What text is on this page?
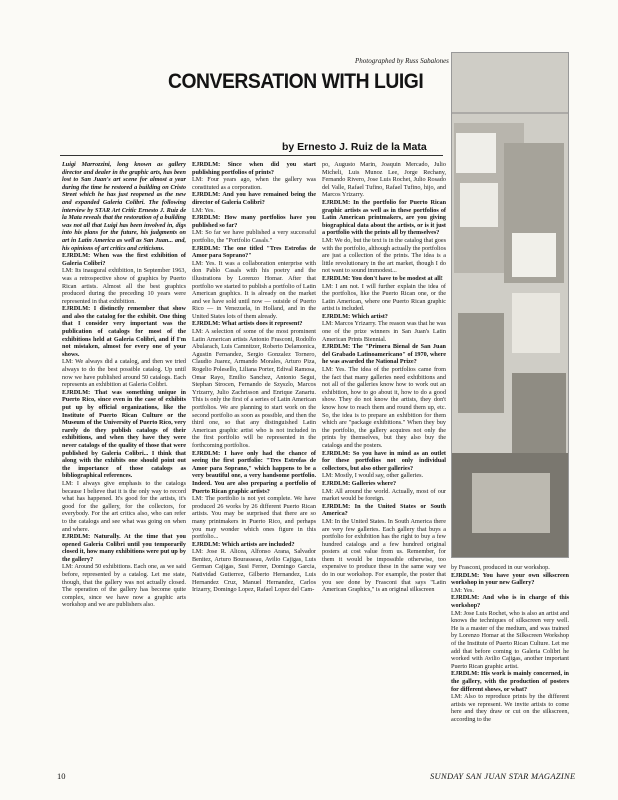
Photographed by Russ Sabalones
CONVERSATION WITH LUIGI
by Ernesto J. Ruiz de la Mata

Luigi Marrozzini, long known as gallery director and dealer in the graphic arts, has been lost to San Juan's art scene for almost a year during the time he restored a building on Cristo Street which he has just reopened as the new and expanded Galeria Colibri. The following interview by STAR Art Critic Ernesto J. Ruiz de la Mata reveals that the restoration of a building was not all that Luigi has been involved in, digs into his plans for the future, his judgments on art in Latin America as well as San Juan... and, his opinions of art critics and criticisms.

EJRDLM: When was the first exhibition of Galeria Colibri?

LM: Its inaugural exhibition, in September 1963, was a retrospective show of graphics by Puerto Rican artists. Almost all the best graphics produced during the preceding 10 years were represented in that exhibition.

EJRDLM: I distinctly remember that show and also the catalog for the exhibit. One thing that I consider very important was the publication of catalogs for most of the exhibitions held at Galeria Colibri, and if I'm not mistaken, almost for every one of your shows.

LM: We always did a catalog, and then we tried always to do the best possible catalog. Up until now we have published around 50 catalogs. Each represents an exhibition at Galeria Colibri.

EJRDLM: That was something unique in Puerto Rico, since even in the case of exhibits put up by official organizations, like the Institute of Puerto Rican Culture or the Museum of the University of Puerto Rico, very rarely do they publish catalogs of their exhibitions, and when they have they were never catalogs of the quality of those that were published by Galeria Colibri... I think that along with the exhibits one should point out the importance of those catalogs as bibliographical references.

LM: I always give emphasis to the catalogs because I believe that it is the only way to record what has happened. It's good for the artists, it's good for the gallery, for the collectors, for everybody. For the art critics also, who can refer to the catalogs and see what was going on when and where.

EJRDLM: Naturally. At the time that you opened Galeria Colibri until you temporarily closed it, how many exhibitions were put up by the gallery?

LM: Around 50 exhibitions. Each one, as we said before, represented by a catalog. Let me state, though, that the gallery was not actually closed. The operation of the gallery has become quite complex, since we have now a graphic arts workshop and we are publishers also.

EJRDLM: Since when did you start publishing portfolios of prints?

LM: Four years ago, when the gallery was constituted as a corporation.

EJRDLM: And you have remained being the director of Galeria Colibri?

LM: Yes.

EJRDLM: How many portfolios have you published so far?

LM: So far we have published a very successful portfolio, the "Portfolio Casals."

EJRDLM: The one titled "Tres Estrofas de Amor para Soprano?"

LM: Yes. It was a collaboration enterprise with don Pablo Casals with his poetry and the illustrations by Lorenzo Homar. After that portfolio we started to publish a portfolio of Latin American graphics. It is already on the market and we have sold until now — outside of Puerto Rico — in Venezuela, in Holland, and in the United States lots of them already.

EJRDLM: What artists does it represent?

LM: A selection of some of the most prominent Latin American artists Antonio Frasconi, Rodolfo Abularach, Luis Camnitzer, Roberto Delamonica, Agustin Fernandez, Sergio Gonzalez Tornero, Claudio Juarez, Armando Morales, Arturo Piza, Rogelio Polesello, Liliana Porter, Edival Ramosa, Omar Rayo, Emilio Sanchez, Antonio Segui, Stephan Strocen, Fernando de Szyszlo, Marcos Yrizarry, Julio Zachrisson and Enrique Zanartu. This is only the first of a series of Latin American portfolios. We are planning to start work on the second portfolio as soon as possible, and then the third one, so that any distinguished Latin American graphic artist who is not included in the first portfolio will be represented in the forthcoming portfolios.

EJRDLM: I have only had the chance of seeing the first portfolio: "Tres Estrofas de Amor para Soprano," which happens to be a very beautiful one, a very handsome portfolio. Indeed. You are also preparing a portfolio of Puerto Rican graphic artists?

LM: The portfolio is not yet complete. We have produced 26 works by 26 different Puerto Rican artists. You may be surprised that there are so many printmakers in Puerto Rico, and perhaps you may wonder which ones figure in this portfolio...

EJRDLM: Which artists are included?

LM: Jose R. Alicea, Alfonso Arana, Salvador Benitez, Arturo Bourasseau, Avilio Cajigas, Luis German Cajigas, Susi Ferrer, Domingo Garcia, Natividad Gutierrez, Gilberto Hernandez, Luis Hernandez Cruz, Manuel Hernandez, Carlos Irizarry, Domingo Lopez, Rafael Lopez del Cam-

po, Augusto Marin, Joaquin Mercado, Julio Micheli, Luis Munoz Lee, Jorge Rechany, Fernando Rivero, Jose Luis Rochet, Julio Rosado del Valle, Rafael Tufino, Rafael Tufino, hijo, and Marcos Yrizarry.

EJRDLM: In the portfolio for Puerto Rican graphic artists as well as in these portfolios of Latin American printmakers, are you giving biographical data about the artists, or is it just a portfolio with the prints all by themselves?

LM: We do, but the text is in the catalog that goes with the portfolio, although actually the portfolios are just a collection of the prints. The idea is a little revolutionary in the art market, though I do not want to sound immodest...

EJRDLM: You don't have to be modest at all!

LM: I am not. I will further explain the idea of the portfolios, like the Puerto Rican one, or the Latin American, where one Puerto Rican graphic artist is included.

EJRDLM: Which artist?

LM: Marcos Yrizarry. The reason was that he was one of the prize winners in San Juan's Latin American Prints Biennial.

EJRDLM: The "Primera Bienal de San Juan del Grabado Latinoamericano" of 1970, where he was awarded the National Prize?

LM: Yes. The idea of the portfolios came from the fact that many galleries need exhibitions and not all of the galleries know how to work out an exhibition, how to go about it, how to do a good show. They do not know the artists, they don't know how to reach them and round them up, etc. So, the idea is to prepare an exhibition for them which are "package exhibitions." When they buy the portfolio, the gallery acquires not only the prints by themselves, but they also buy the catalogs and the posters.

EJRDLM: So you have in mind as an outlet for these portfolios not only individual collectors, but also other galleries?

LM: Mostly, I would say, other galleries.

EJRDLM: Galleries where?

LM: All around the world. Actually, most of our market would be foreign.

EJRDLM: In the United States or South America?

LM: In the United States. In South America there are very few galleries. Each gallery that buys a portfolio for exhibition has the right to buy a few hundred catalogs and a few hundred original posters at cost value from us. Remember, for them it would be impossible otherwise, too expensive to produce these in the same way we do in our workshop. For example, the poster that you see done by Frasconi that says "Latin American Graphics," is an original silkscreen

by Frasconi, produced in our workshop.

EJRDLM: You have your own silkscreen workshop in your new Gallery?

LM: Yes.

EJRDLM: And who is in charge of this workshop?

LM: Jose Luis Rochet, who is also an artist and knows the techniques of silkscreen very well. He is a master of the medium, and was trained by Lorenzo Homar at the Silkscreen Workshop of the Institute of Puerto Rican Culture. Let me add that before coming to Galeria Colibri he worked with Avilio Cajigas, another important Puerto Rican graphic artist.

EJRDLM: His work is mainly concerned, in the gallery, with the production of posters for different shows, or what?

LM: Also to reproduce prints by the different artists we represent. We invite artists to come here and they draw or cut on the silkscreen, according to the

10	SUNDAY SAN JUAN STAR MAGAZINE
